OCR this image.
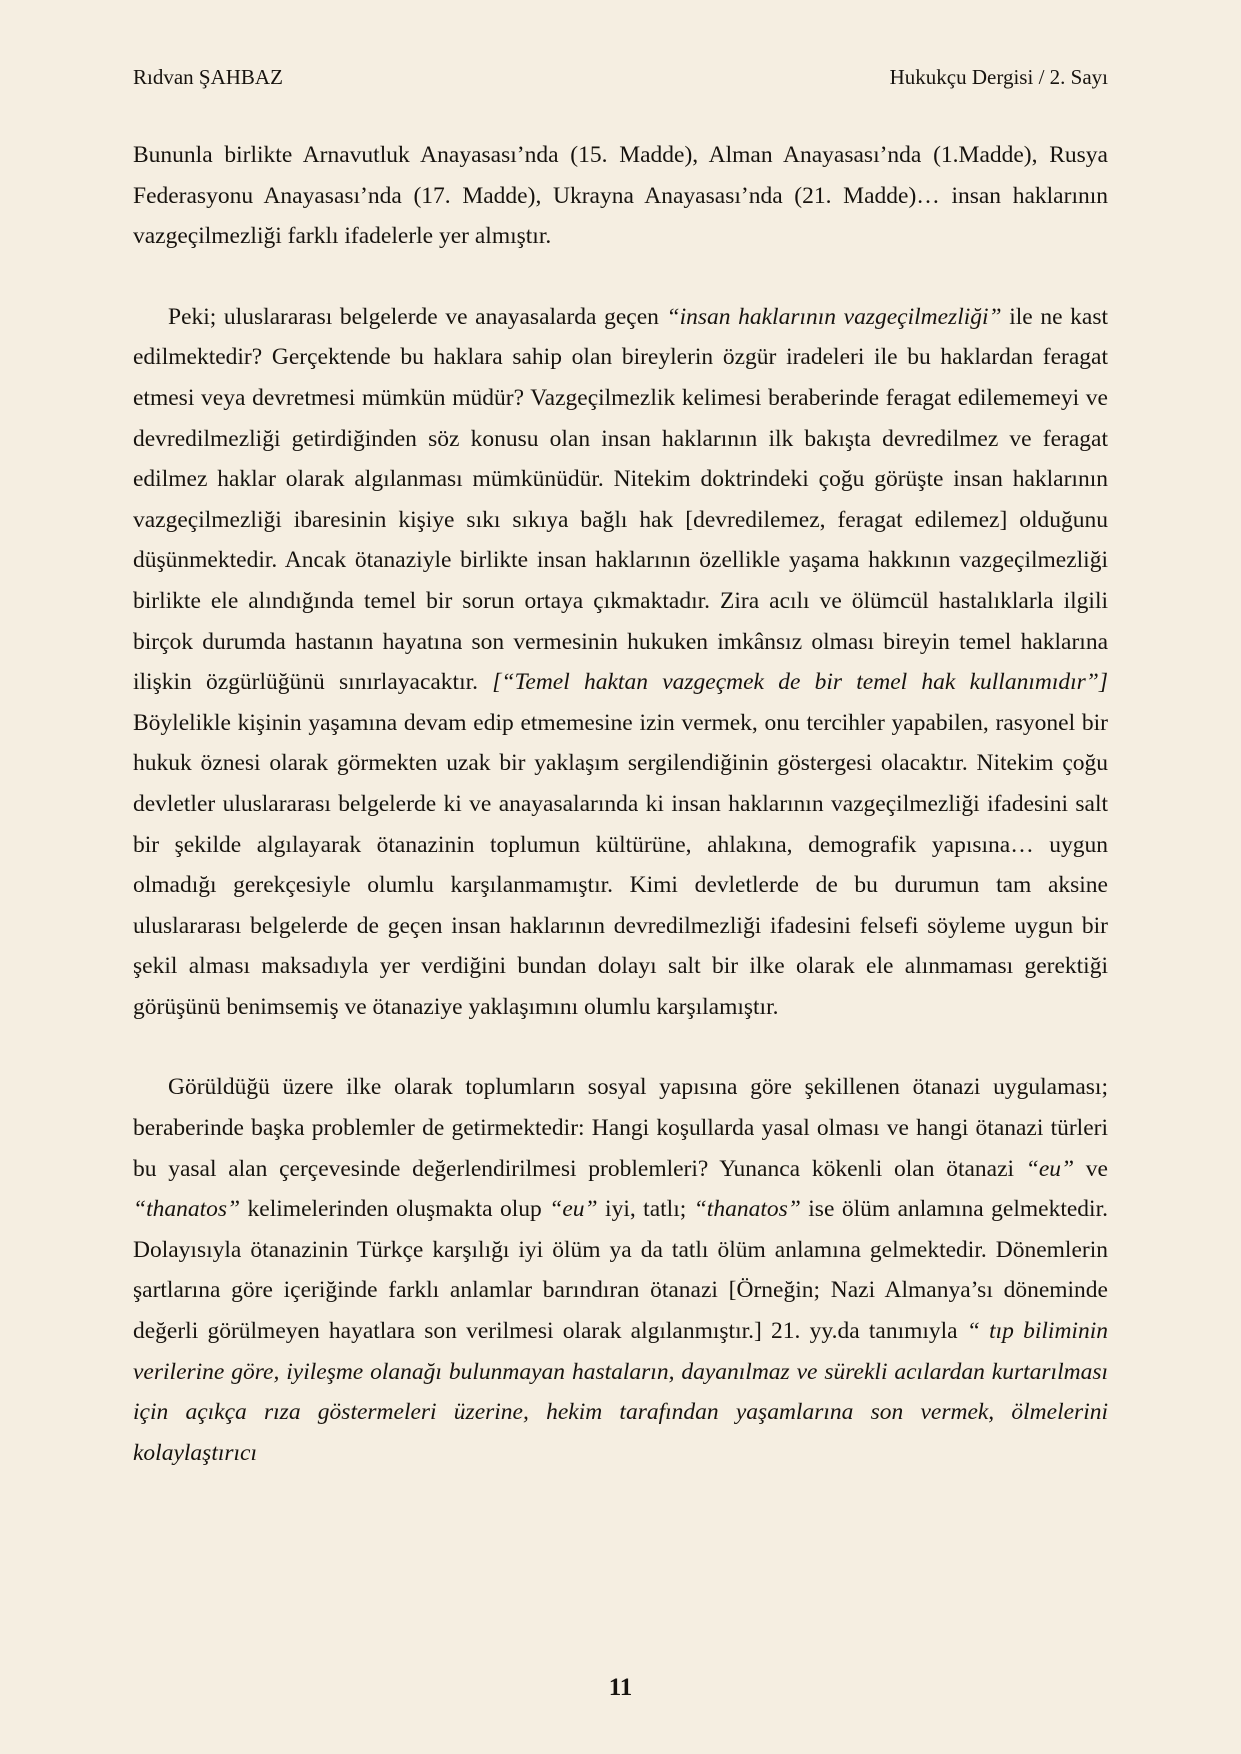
Rıdvan ŞAHBAZ	Hukukçu Dergisi / 2. Sayı

Bununla birlikte Arnavutluk Anayasası’nda (15. Madde), Alman Anayasası’nda (1.Madde), Rusya Federasyonu Anayasası’nda (17. Madde), Ukrayna Anayasası’nda (21. Madde)… insan haklarının vazgeçilmezliği farklı ifadelerle yer almıştır.

Peki; uluslararası belgelerde ve anayasalarda geçen “insan haklarının vazgeçilmezliği” ile ne kast edilmektedir? Gerçektende bu haklara sahip olan bireylerin özgür iradeleri ile bu haklardan feragat etmesi veya devretmesi mümkün müdür? Vazgeçilmezlik kelimesi beraberinde feragat edilememeyi ve devredilmezliği getirdiğinden söz konusu olan insan haklarının ilk bakışta devredilmez ve feragat edilmez haklar olarak algılanması mümkünüdür. Nitekim doktrindeki çoğu görüşte insan haklarının vazgeçilmezliği ibaresinin kişiye sıkı sıkıya bağlı hak [devredilemez, feragat edilemez] olduğunu düşünmektedir. Ancak ötanaziyle birlikte insan haklarının özellikle yaşama hakkının vazgeçilmezliği birlikte ele alındığında temel bir sorun ortaya çıkmaktadır. Zira acılı ve ölümcül hastalıklarla ilgili birçok durumda hastanın hayatına son vermesinin hukuken imkânsız olması bireyin temel haklarına ilişkin özgürlüğünü sınırlayacaktır. [“Temel haktan vazgeçmek de bir temel hak kullanımıdır”] Böylelikle kişinin yaşamına devam edip etmemesine izin vermek, onu tercihler yapabilen, rasyonel bir hukuk öznesi olarak görmekten uzak bir yaklaşım sergilendiğinin göstergesi olacaktır. Nitekim çoğu devletler uluslararası belgelerde ki ve anayasalarında ki insan haklarının vazgeçilmezliği ifadesini salt bir şekilde algılayarak ötanazinin toplumun kültürüne, ahlakına, demografik yapısına… uygun olmadığı gerekçesiyle olumlu karşılanmamıştır. Kimi devletlerde de bu durumun tam aksine uluslararası belgelerde de geçen insan haklarının devredilmezliği ifadesini felsefi söyleme uygun bir şekil alması maksadıyla yer verdiğini bundan dolayı salt bir ilke olarak ele alınmaması gerektiği görüşünü benimsemiş ve ötanaziye yaklaşımını olumlu karşılamıştır.

Görüldüğü üzere ilke olarak toplumların sosyal yapısına göre şekillenen ötanazi uygulaması; beraberinde başka problemler de getirmektedir: Hangi koşullarda yasal olması ve hangi ötanazi türleri bu yasal alan çerçevesinde değerlendirilmesi problemleri? Yunanca kökenli olan ötanazi “eu” ve “thanatos” kelimelerinden oluşmakta olup “eu” iyi, tatlı; “thanatos” ise ölüm anlamına gelmektedir. Dolayısıyla ötanazinin Türkçe karşılığı iyi ölüm ya da tatlı ölüm anlamına gelmektedir. Dönemlerin şartlarına göre içeriğinde farklı anlamlar barındıran ötanazi [Örneğin; Nazi Almanya’sı döneminde değerli görülmeyen hayatlara son verilmesi olarak algılanmıştır.] 21. yy.da tanımıyla “ tıp biliminin verilerine göre, iyileşme olanağı bulunmayan hastaların, dayanılmaz ve sürekli acılardan kurtarılması için açıkça rıza göstermeleri üzerine, hekim tarafından yaşamlarına son vermek, ölmelerini kolaylaştırıcı

11
